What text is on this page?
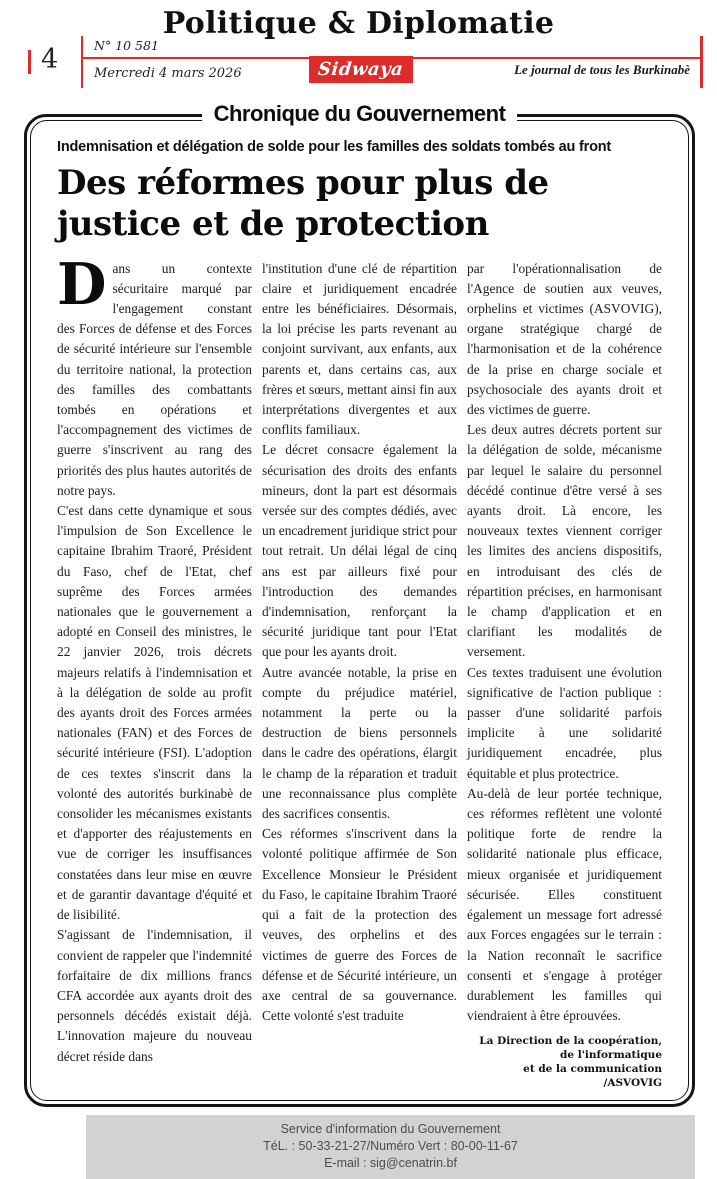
Politique & Diplomatie
4	N° 10 581
Mercredi 4 mars 2026	Sidwaya	Le journal de tous les Burkinabè
Chronique du Gouvernement
Indemnisation et délégation de solde pour les familles des soldats tombés au front
Des réformes pour plus de justice et de protection

Dans un contexte sécuritaire marqué par l'engagement constant des Forces de défense et des Forces de sécurité intérieure sur l'ensemble du territoire national, la protection des familles des combattants tombés en opérations et l'accompagnement des victimes de guerre s'inscrivent au rang des priorités des plus hautes autorités de notre pays.

C'est dans cette dynamique et sous l'impulsion de Son Excellence le capitaine Ibrahim Traoré, Président du Faso, chef de l'Etat, chef suprême des Forces armées nationales que le gouvernement a adopté en Conseil des ministres, le 22 janvier 2026, trois décrets majeurs relatifs à l'indemnisation et à la délégation de solde au profit des ayants droit des Forces armées nationales (FAN) et des Forces de sécurité intérieure (FSI). L'adoption de ces textes s'inscrit dans la volonté des autorités burkinabè de consolider les mécanismes existants et d'apporter des réajustements en vue de corriger les insuffisances constatées dans leur mise en œuvre et de garantir davantage d'équité et de lisibilité.

S'agissant de l'indemnisation, il convient de rappeler que l'indemnité forfaitaire de dix millions francs CFA accordée aux ayants droit des personnels décédés existait déjà. L'innovation majeure du nouveau décret réside dans

l'institution d'une clé de répartition claire et juridiquement encadrée entre les bénéficiaires. Désormais, la loi précise les parts revenant au conjoint survivant, aux enfants, aux parents et, dans certains cas, aux frères et sœurs, mettant ainsi fin aux interprétations divergentes et aux conflits familiaux.

Le décret consacre également la sécurisation des droits des enfants mineurs, dont la part est désormais versée sur des comptes dédiés, avec un encadrement juridique strict pour tout retrait. Un délai légal de cinq ans est par ailleurs fixé pour l'introduction des demandes d'indemnisation, renforçant la sécurité juridique tant pour l'Etat que pour les ayants droit.

Autre avancée notable, la prise en compte du préjudice matériel, notamment la perte ou la destruction de biens personnels dans le cadre des opérations, élargit le champ de la réparation et traduit une reconnaissance plus complète des sacrifices consentis.

Ces réformes s'inscrivent dans la volonté politique affirmée de Son Excellence Monsieur le Président du Faso, le capitaine Ibrahim Traoré qui a fait de la protection des veuves, des orphelins et des victimes de guerre des Forces de défense et de Sécurité intérieure, un axe central de sa gouvernance. Cette volonté s'est traduite

par l'opérationnalisation de l'Agence de soutien aux veuves, orphelins et victimes (ASVOVIG), organe stratégique chargé de l'harmonisation et de la cohérence de la prise en charge sociale et psychosociale des ayants droit et des victimes de guerre.

Les deux autres décrets portent sur la délégation de solde, mécanisme par lequel le salaire du personnel décédé continue d'être versé à ses ayants droit. Là encore, les nouveaux textes viennent corriger les limites des anciens dispositifs, en introduisant des clés de répartition précises, en harmonisant le champ d'application et en clarifiant les modalités de versement.

Ces textes traduisent une évolution significative de l'action publique : passer d'une solidarité parfois implicite à une solidarité juridiquement encadrée, plus équitable et plus protectrice.

Au-delà de leur portée technique, ces réformes reflètent une volonté politique forte de rendre la solidarité nationale plus efficace, mieux organisée et juridiquement sécurisée. Elles constituent également un message fort adressé aux Forces engagées sur le terrain : la Nation reconnaît le sacrifice consenti et s'engage à protéger durablement les familles qui viendraient à être éprouvées.

La Direction de la coopération, de l'informatique
et de la communication /ASVOVIG
Service d'information du Gouvernement
TéL. : 50-33-21-27/Numéro Vert : 80-00-11-67
E-mail : sig@cenatrin.bf
